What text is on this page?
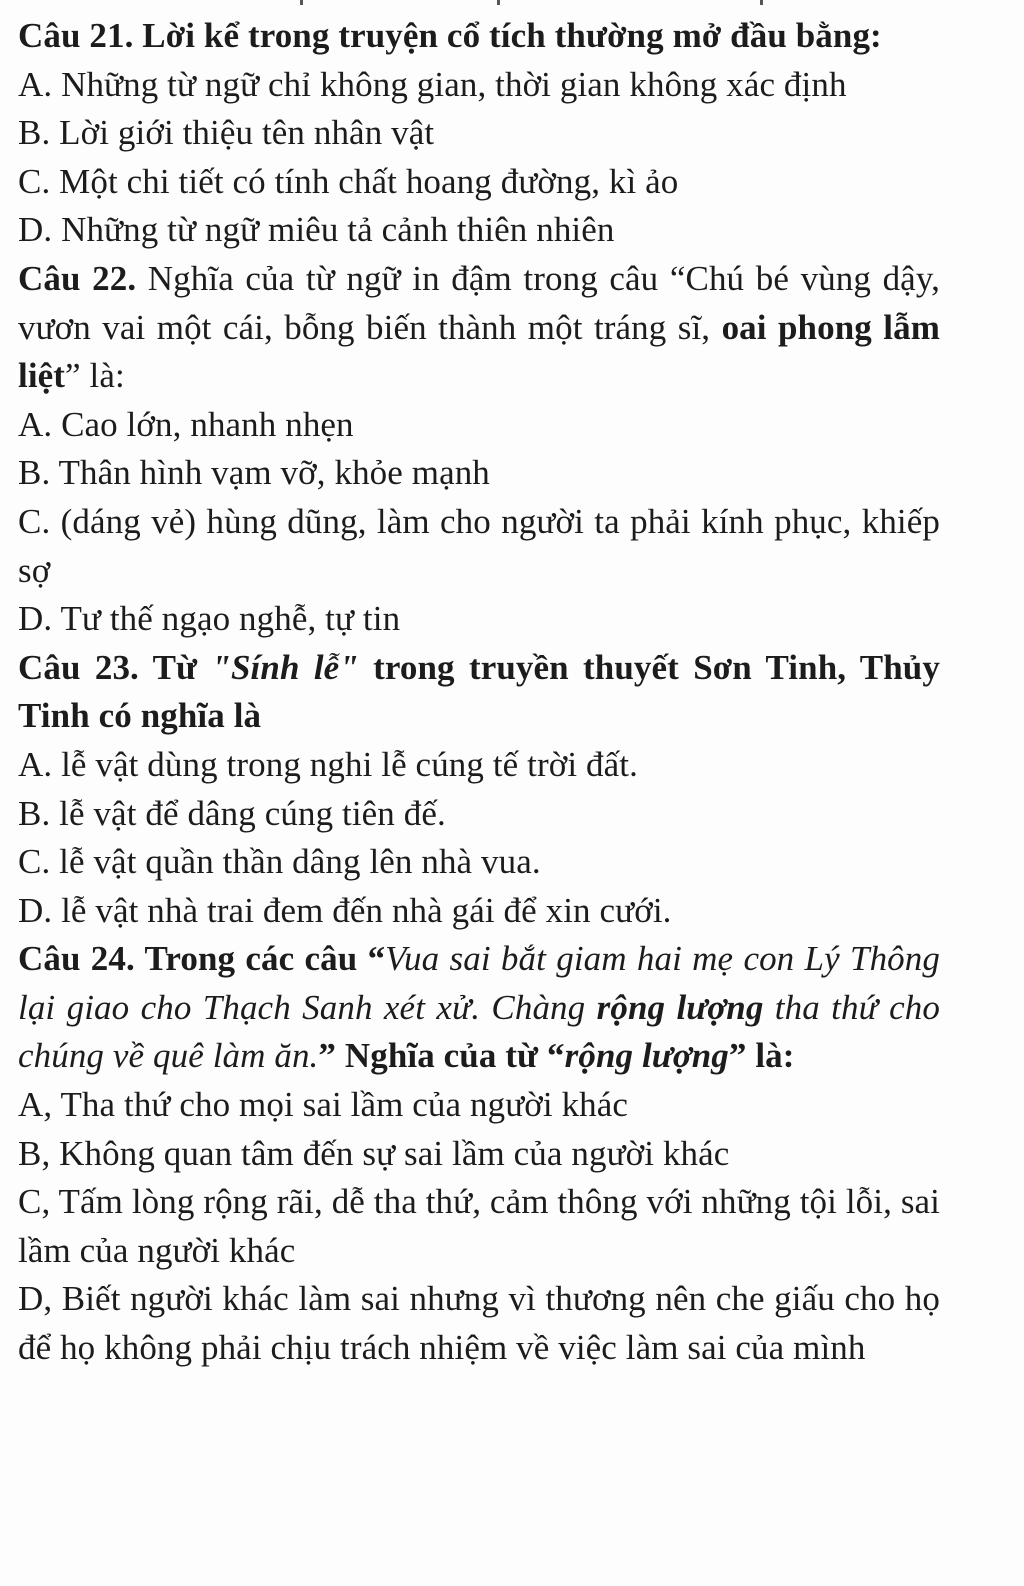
Câu 21. Lời kể trong truyện cổ tích thường mở đầu bằng:

A. Những từ ngữ chỉ không gian, thời gian không xác định

B. Lời giới thiệu tên nhân vật

C. Một chi tiết có tính chất hoang đường, kì ảo

D. Những từ ngữ miêu tả cảnh thiên nhiên

Câu 22. Nghĩa của từ ngữ in đậm trong câu “Chú bé vùng dậy, vươn vai một cái, bỗng biến thành một tráng sĩ, oai phong lẫm liệt” là:

A. Cao lớn, nhanh nhẹn

B. Thân hình vạm vỡ, khỏe mạnh

C. (dáng vẻ) hùng dũng, làm cho người ta phải kính phục, khiếp sợ

D. Tư thế ngạo nghễ, tự tin

Câu 23. Từ "Sính lễ" trong truyền thuyết Sơn Tinh, Thủy Tinh có nghĩa là

A. lễ vật dùng trong nghi lễ cúng tế trời đất.

B. lễ vật để dâng cúng tiên đế.

C. lễ vật quần thần dâng lên nhà vua.

D. lễ vật nhà trai đem đến nhà gái để xin cưới.

Câu 24. Trong các câu “Vua sai bắt giam hai mẹ con Lý Thông lại giao cho Thạch Sanh xét xử. Chàng rộng lượng tha thứ cho chúng về quê làm ăn.” Nghĩa của từ “rộng lượng” là:

A, Tha thứ cho mọi sai lầm của người khác

B, Không quan tâm đến sự sai lầm của người khác

C, Tấm lòng rộng rãi, dễ tha thứ, cảm thông với những tội lỗi, sai lầm của người khác

D, Biết người khác làm sai nhưng vì thương nên che giấu cho họ để họ không phải chịu trách nhiệm về việc làm sai của mình
